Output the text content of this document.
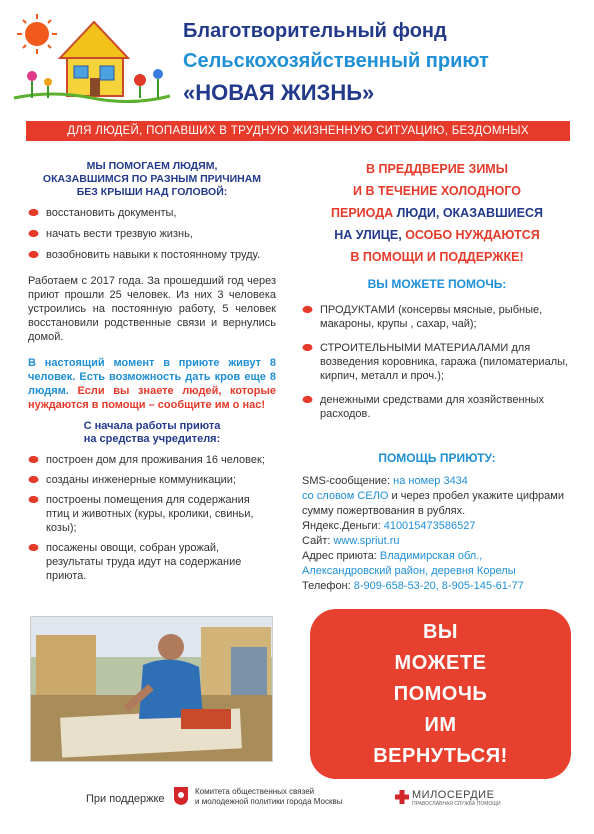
Благотворительный фонд
Сельскохозяйственный приют
«НОВАЯ ЖИЗНЬ»
ДЛЯ ЛЮДЕЙ, ПОПАВШИХ В ТРУДНУЮ ЖИЗНЕННУЮ СИТУАЦИЮ, БЕЗДОМНЫХ
МЫ ПОМОГАЕМ ЛЮДЯМ,
ОКАЗАВШИМСЯ ПО РАЗНЫМ ПРИЧИНАМ
БЕЗ КРЫШИ НАД ГОЛОВОЙ:
восстановить документы,
начать вести трезвую жизнь,
возобновить навыки к постоянному труду.

Работаем с 2017 года. За прошедший год через приют прошли 25 человек. Из них 3 человека устроились на постоянную работу, 5 человек восстановили родственные связи и вернулись домой.

В настоящий момент в приюте живут 8 человек. Есть возможность дать кров еще 8 людям. Если вы знаете людей, которые нуждаются в помощи – сообщите им о нас!

С начала работы приюта
на средства учредителя:
построен дом для проживания 16 человек;
созданы инженерные коммуникации;
построены помещения для содержания птиц и животных (куры, кролики, свиньи, козы);
посажены овощи, собран урожай, результаты труда идут на содержание приюта.
В ПРЕДДВЕРИЕ ЗИМЫ
И В ТЕЧЕНИЕ ХОЛОДНОГО
ПЕРИОДА ЛЮДИ, ОКАЗАВШИЕСЯ
НА УЛИЦЕ, ОСОБО НУЖДАЮТСЯ
В ПОМОЩИ И ПОДДЕРЖКЕ!
ВЫ МОЖЕТЕ ПОМОЧЬ:
ПРОДУКТАМИ (консервы мясные, рыбные, макароны, крупы , сахар, чай);
СТРОИТЕЛЬНЫМИ МАТЕРИАЛАМИ для возведения коровника, гаража (пиломатериалы, кирпич, металл и проч.);
денежными средствами для хозяйственных расходов.
ПОМОЩЬ ПРИЮТУ:
SMS-сообщение: на номер 3434
со словом СЕЛО и через пробел укажите цифрами сумму пожертвования в рублях.
Яндекс.Деньги: 410015473586527
Сайт: www.spriut.ru
Адрес приюта: Владимирская обл., Александровский район, деревня Корелы
Телефон: 8-909-658-53-20, 8-905-145-61-77
ВЫ
МОЖЕТЕ
ПОМОЧЬ
ИМ
ВЕРНУТЬСЯ!
При поддержке
Комитета общественных связей
и молодежной политики города Москвы
МИЛОСЕРДИЕ
ПРАВОСЛАВНАЯ СЛУЖБА ПОМОЩИ
